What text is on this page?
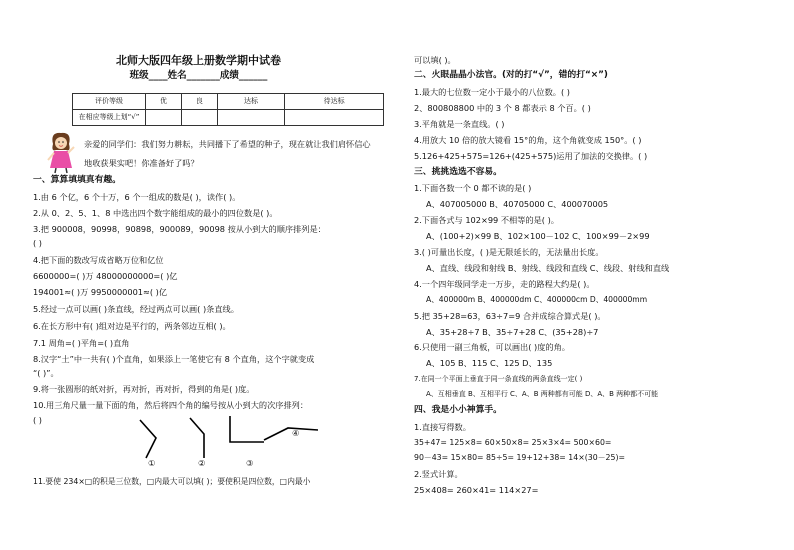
北师大版四年级上册数学期中试卷
班级____姓名_______成绩______
评价等级	优	良	达标	待达标
在相应等级上划“√”				
亲爱的同学们：我们努力耕耘，共同播下了希望的种子，现在就让我们肩怀信心
地收获果实吧！你准备好了吗？
一、算算填填真有趣。
1.由 6 个亿，6 个十万，6 个一组成的数是( )，读作( )。
2.从 0、2、5、1、8 中选出四个数字能组成的最小的四位数是( )。
3.把 900008，90998，90898，900089，90098 按从小到大的顺序排列是：
( )
4.把下面的数改写成省略万位和亿位
6600000=( )万 48000000000=( )亿
194001≈( )万 9950000001≈( )亿
5.经过一点可以画( )条直线，经过两点可以画( )条直线。
6.在长方形中有( )组对边是平行的，两条邻边互相( )。
7.1 周角=( )平角=( )直角
8.汉字“土”中一共有( )个直角，如果添上一笔使它有 8 个直角，这个字就变成
“( )”。
9.将一张圆形的纸对折，再对折，再对折，得到的角是( )度。
10.用三角尺量一量下面的角，然后将四个角的编号按从小到大的次序排列：
( )
①	②	③
④
11.要使 234×□的积是三位数，□内最大可以填( )；要使积是四位数，□内最小
可以填( )。
二、火眼晶晶小法官。(对的打“√”，错的打“×”)
1.最大的七位数一定小于最小的八位数。( )
2、800808800 中的 3 个 8 都表示 8 个百。( )
3.平角就是一条直线。( )
4.用放大 10 倍的放大镜看 15°的角，这个角就变成 150°。( )
5.126+425+575=126+(425+575)运用了加法的交换律。( )
三、挑挑选选不容易。
1.下面各数一个 0 都不读的是( )
A、407005000 B、40705000 C、400070005
2.下面各式与 102×99 不相等的是( )。
A、(100+2)×99 B、102×100－102 C、100×99－2×99
3.( )可量出长度，( )是无限延长的，无法量出长度。
A、直线、线段和射线 B、射线、线段和直线 C、线段、射线和直线
4.一个四年级同学走一万步，走的路程大约是( )。
A、400000m B、400000dm C、400000cm D、400000mm
5.把 35+28=63，63÷7=9 合并成综合算式是( )。
A、35+28÷7 B、35÷7+28 C、(35+28)÷7
6.只使用一副三角板，可以画出( )度的角。
A、105 B、115 C、125 D、135
7.在同一个平面上垂直于同一条直线的两条直线一定( )
A、互相垂直 B、互相平行 C、A、B 两种都有可能 D、A、B 两种都不可能
四、我是小小神算手。
1.直接写得数。
35+47= 125×8= 60×50×8= 25×3×4= 500×60=
90－43= 15×80= 85÷5= 19+12+38= 14×(30－25)=
2.竖式计算。
25×408= 260×41= 114×27=
